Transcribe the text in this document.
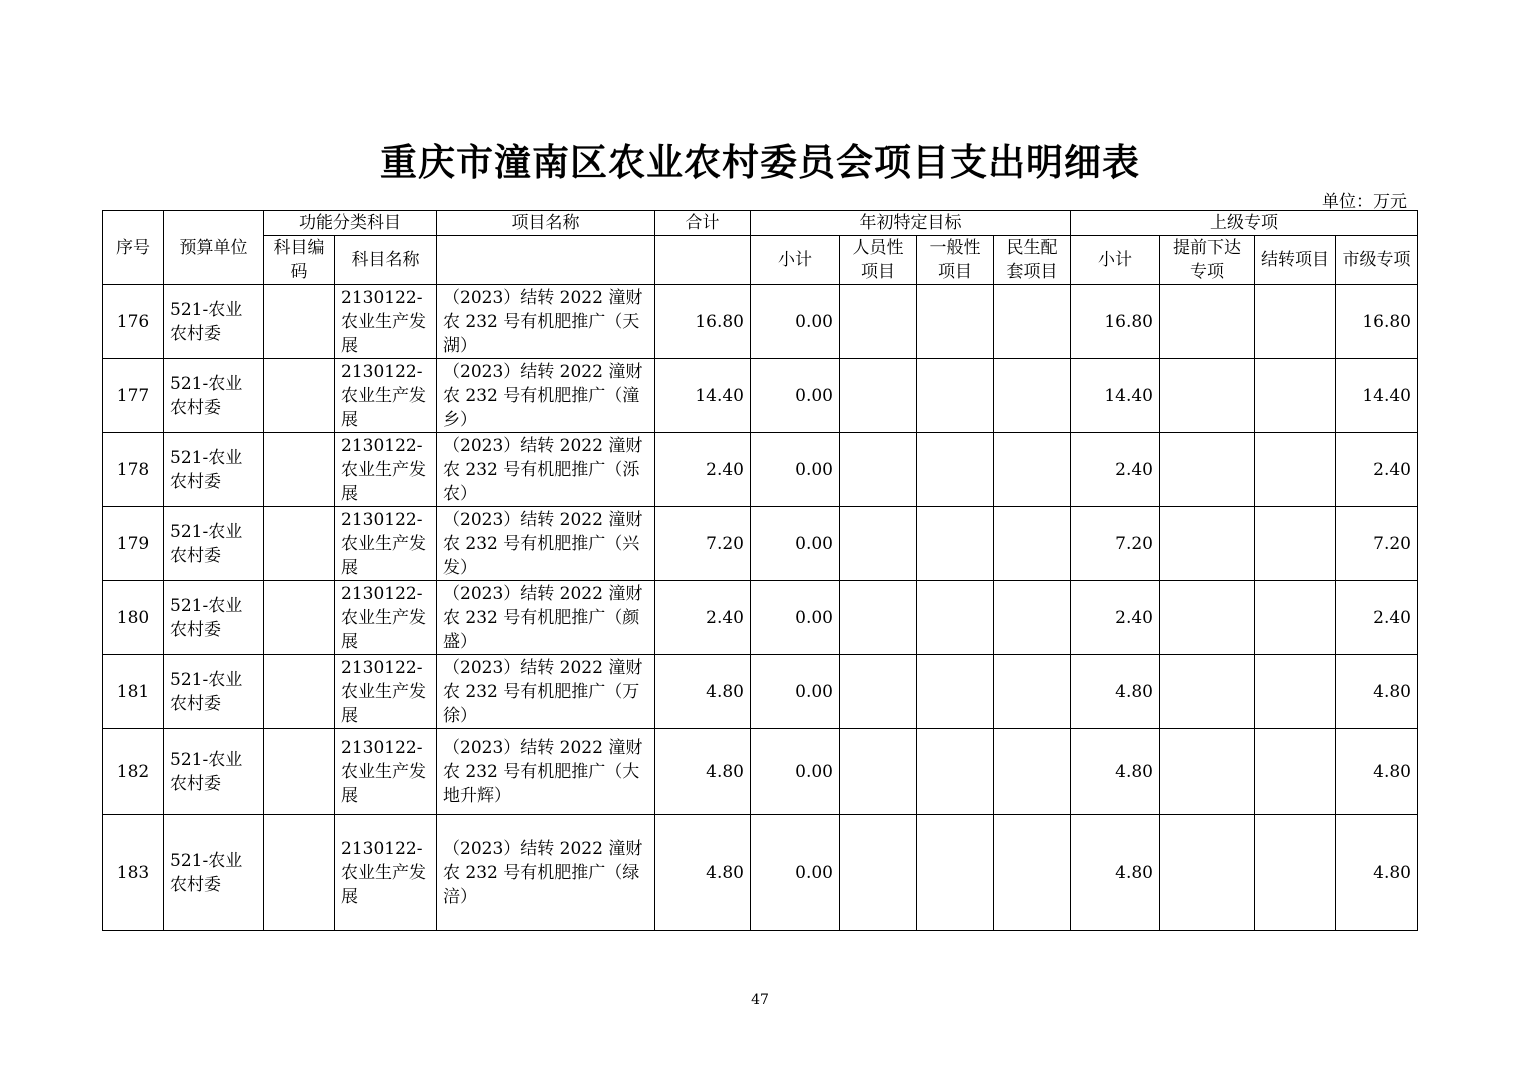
重庆市潼南区农业农村委员会项目支出明细表
单位：万元
序号	预算单位	功能分类科目		项目名称	合计	年初特定目标				上级专项			
		科目编码	科目名称			小计	人员性项目	一般性项目	民生配套项目	小计	提前下达专项	结转项目	市级专项
176	521-农业农村委		2130122-农业生产发展	（2023）结转 2022 潼财农 232 号有机肥推广（天湖）	16.80	0.00				16.80			16.80
177	521-农业农村委		2130122-农业生产发展	（2023）结转 2022 潼财农 232 号有机肥推广（潼乡）	14.40	0.00				14.40			14.40
178	521-农业农村委		2130122-农业生产发展	（2023）结转 2022 潼财农 232 号有机肥推广（泺农）	2.40	0.00				2.40			2.40
179	521-农业农村委		2130122-农业生产发展	（2023）结转 2022 潼财农 232 号有机肥推广（兴发）	7.20	0.00				7.20			7.20
180	521-农业农村委		2130122-农业生产发展	（2023）结转 2022 潼财农 232 号有机肥推广（颜盛）	2.40	0.00				2.40			2.40
181	521-农业农村委		2130122-农业生产发展	（2023）结转 2022 潼财农 232 号有机肥推广（万徐）	4.80	0.00				4.80			4.80
182	521-农业农村委		2130122-农业生产发展	（2023）结转 2022 潼财农 232 号有机肥推广（大地升辉）	4.80	0.00				4.80			4.80
183	521-农业农村委		2130122-农业生产发展	（2023）结转 2022 潼财农 232 号有机肥推广（绿涪）	4.80	0.00				4.80			4.80
47
